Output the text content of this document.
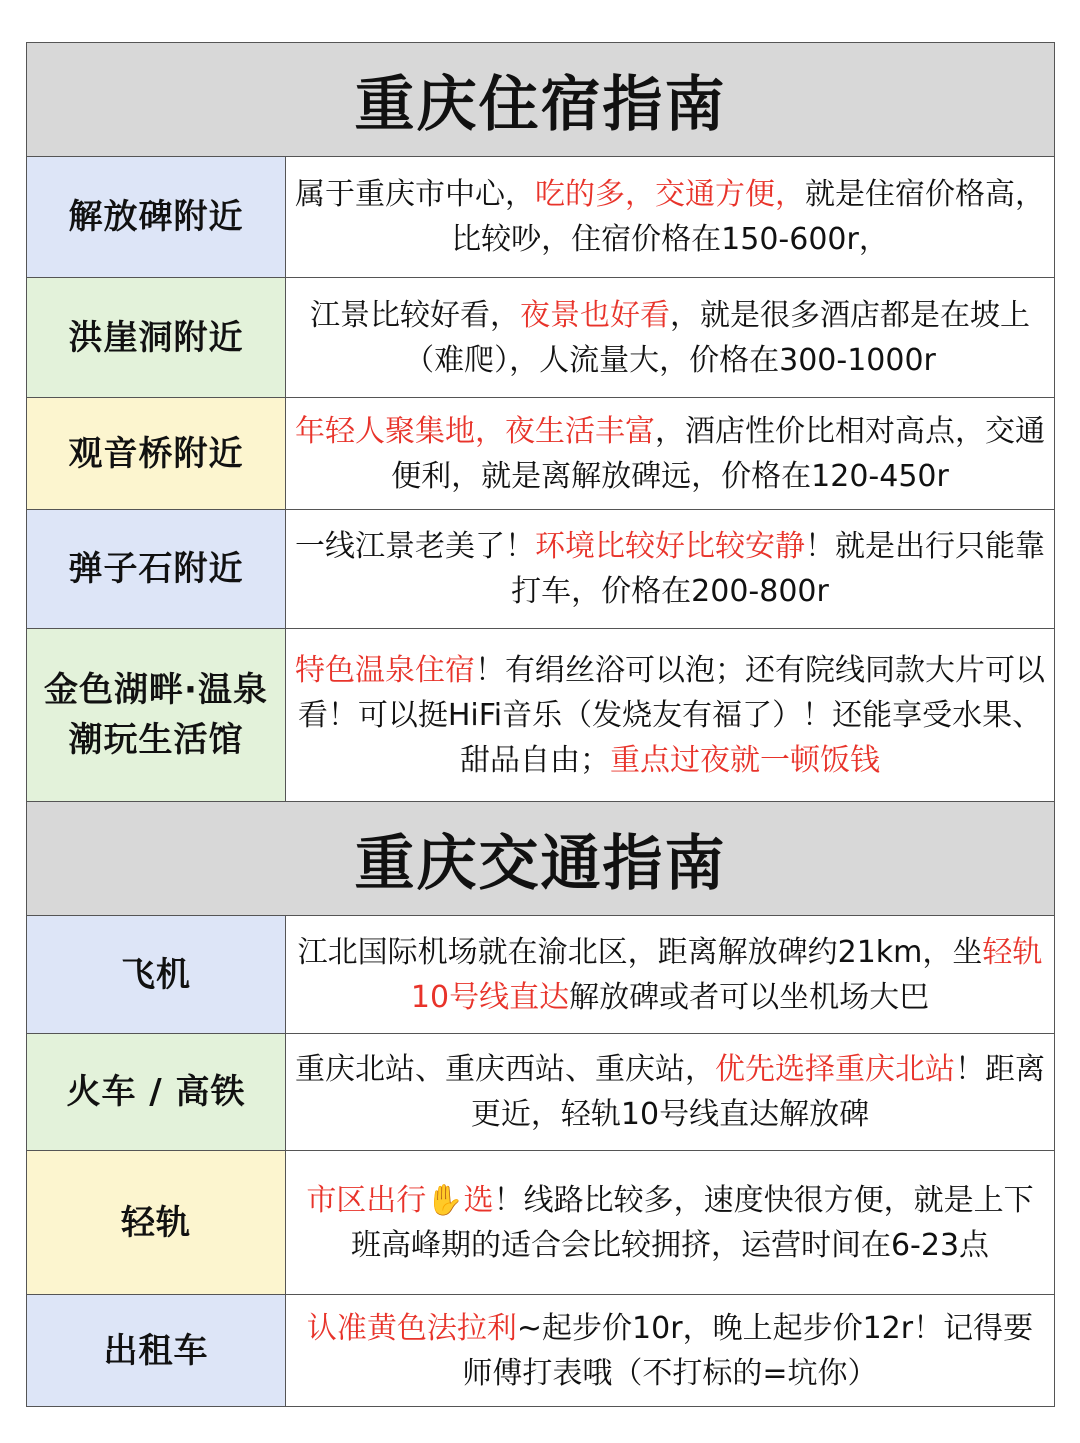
重庆住宿指南	
解放碑附近	属于重庆市中心，吃的多，交通方便，就是住宿价格高，比较吵，住宿价格在150-600r，
洪崖洞附近	江景比较好看，夜景也好看，就是很多酒店都是在坡上（难爬），人流量大，价格在300-1000r
观音桥附近	年轻人聚集地，夜生活丰富，酒店性价比相对高点，交通便利，就是离解放碑远，价格在120-450r
弹子石附近	一线江景老美了！环境比较好比较安静！就是出行只能靠打车，价格在200-800r
金色湖畔·温泉潮玩生活馆	特色温泉住宿！有绢丝浴可以泡；还有院线同款大片可以看！可以挺HiFi音乐（发烧友有福了）！还能享受水果、甜品自由；重点过夜就一顿饭钱
重庆交通指南	
飞机	江北国际机场就在渝北区，距离解放碑约21km，坐轻轨10号线直达解放碑或者可以坐机场大巴
火车 / 高铁	重庆北站、重庆西站、重庆站，优先选择重庆北站！距离更近，轻轨10号线直达解放碑
轻轨	市区出行✋选！线路比较多，速度快很方便，就是上下班高峰期的适合会比较拥挤，运营时间在6-23点
出租车	认准黄色法拉利~起步价10r，晚上起步价12r！记得要师傅打表哦（不打标的=坑你）
